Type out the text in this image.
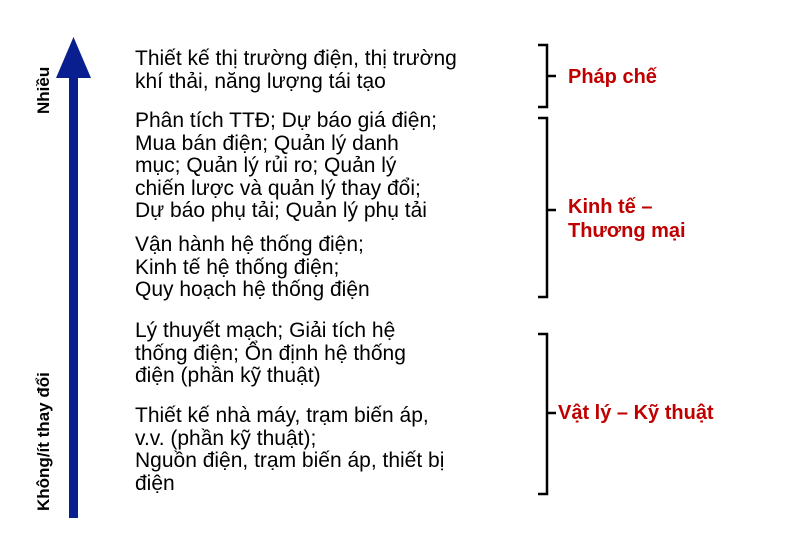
Nhiều
Không/ít thay đổi
Thiết kế thị trường điện, thị trường
khí thải, năng lượng tái tạo
Phân tích TTĐ; Dự báo giá điện;
Mua bán điện; Quản lý danh
mục; Quản lý rủi ro; Quản lý
chiến lược và quản lý thay đổi;
Dự báo phụ tải; Quản lý phụ tải
Vận hành hệ thống điện;
Kinh tế hệ thống điện;
Quy hoạch hệ thống điện
Lý thuyết mạch; Giải tích hệ
thống điện; Ổn định hệ thống
điện (phần kỹ thuật)
Thiết kế nhà máy, trạm biến áp,
v.v. (phần kỹ thuật);
Nguồn điện, trạm biến áp, thiết bị
điện
Pháp chế
Kinh tế –
Thương mại
Vật lý – Kỹ thuật
